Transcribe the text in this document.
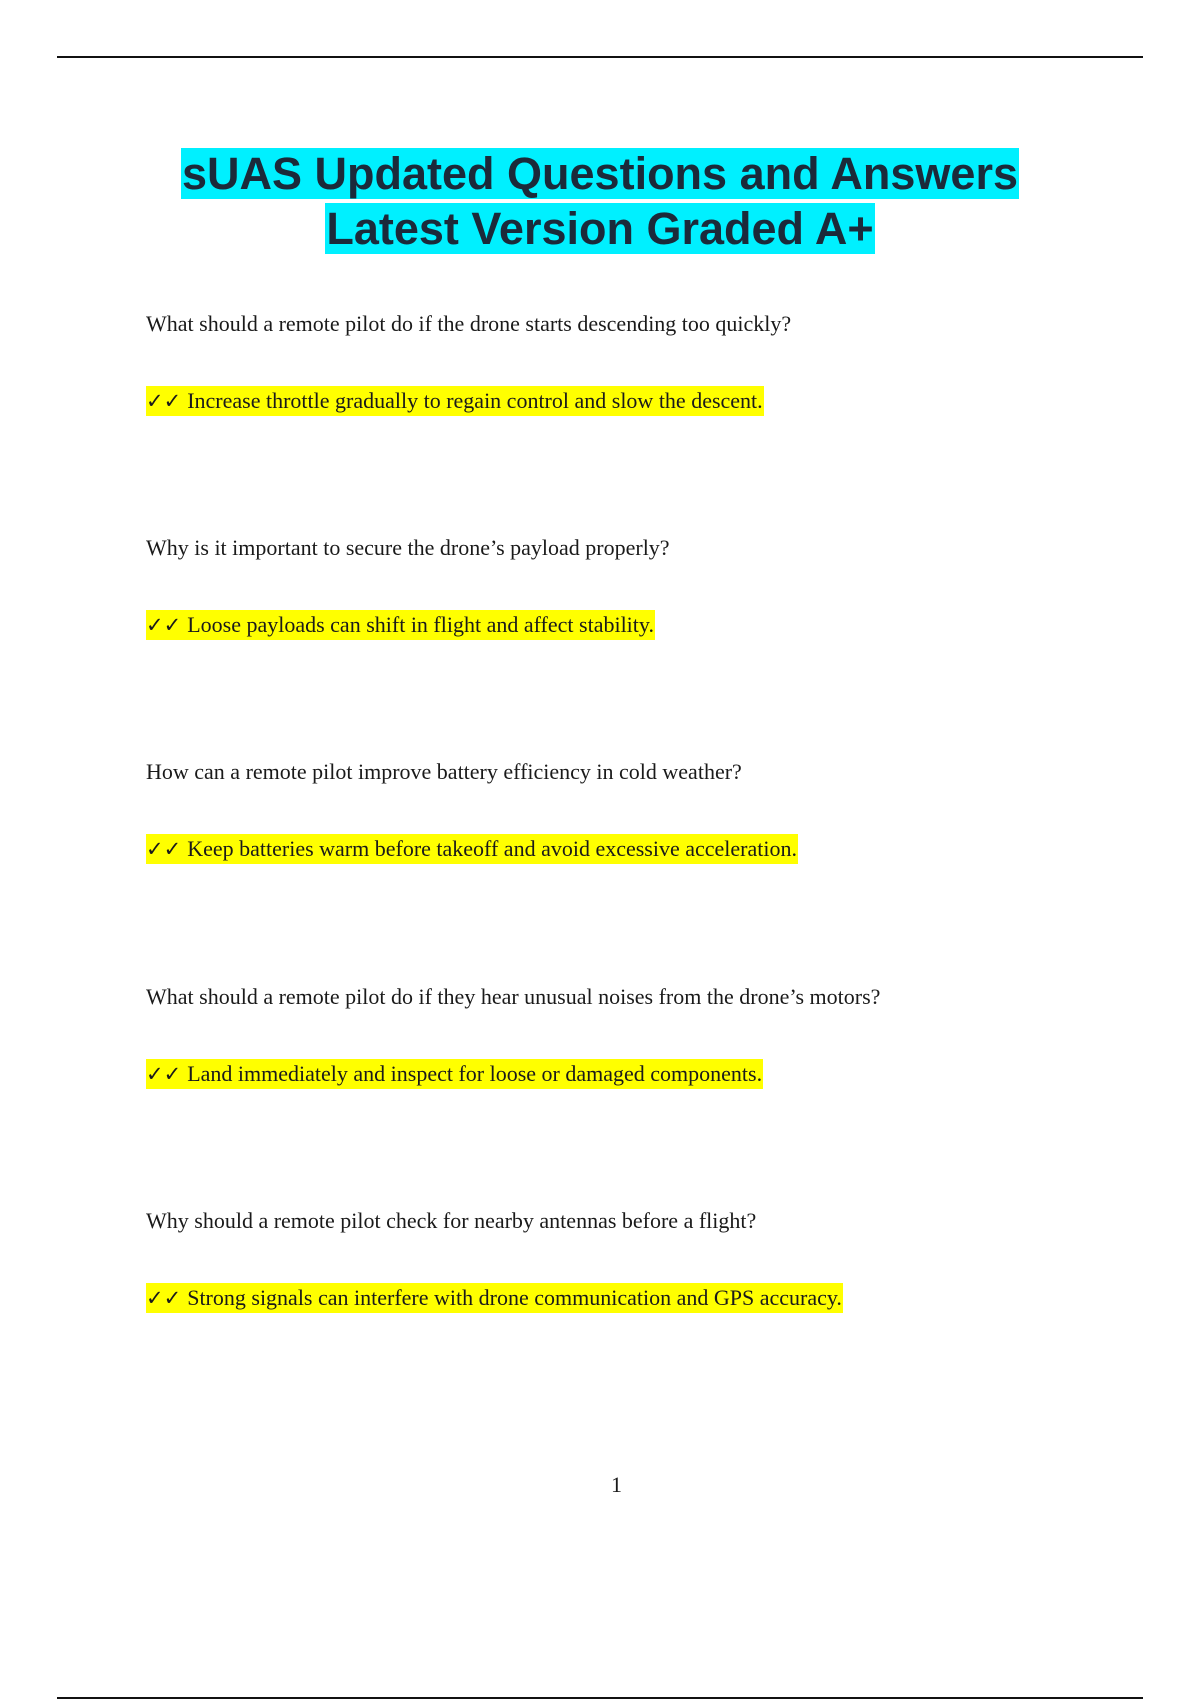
sUAS Updated Questions and Answers
Latest Version Graded A+

What should a remote pilot do if the drone starts descending too quickly?

✓✓ Increase throttle gradually to regain control and slow the descent.

Why is it important to secure the drone’s payload properly?

✓✓ Loose payloads can shift in flight and affect stability.

How can a remote pilot improve battery efficiency in cold weather?

✓✓ Keep batteries warm before takeoff and avoid excessive acceleration.

What should a remote pilot do if they hear unusual noises from the drone’s motors?

✓✓ Land immediately and inspect for loose or damaged components.

Why should a remote pilot check for nearby antennas before a flight?

✓✓ Strong signals can interfere with drone communication and GPS accuracy.

1
